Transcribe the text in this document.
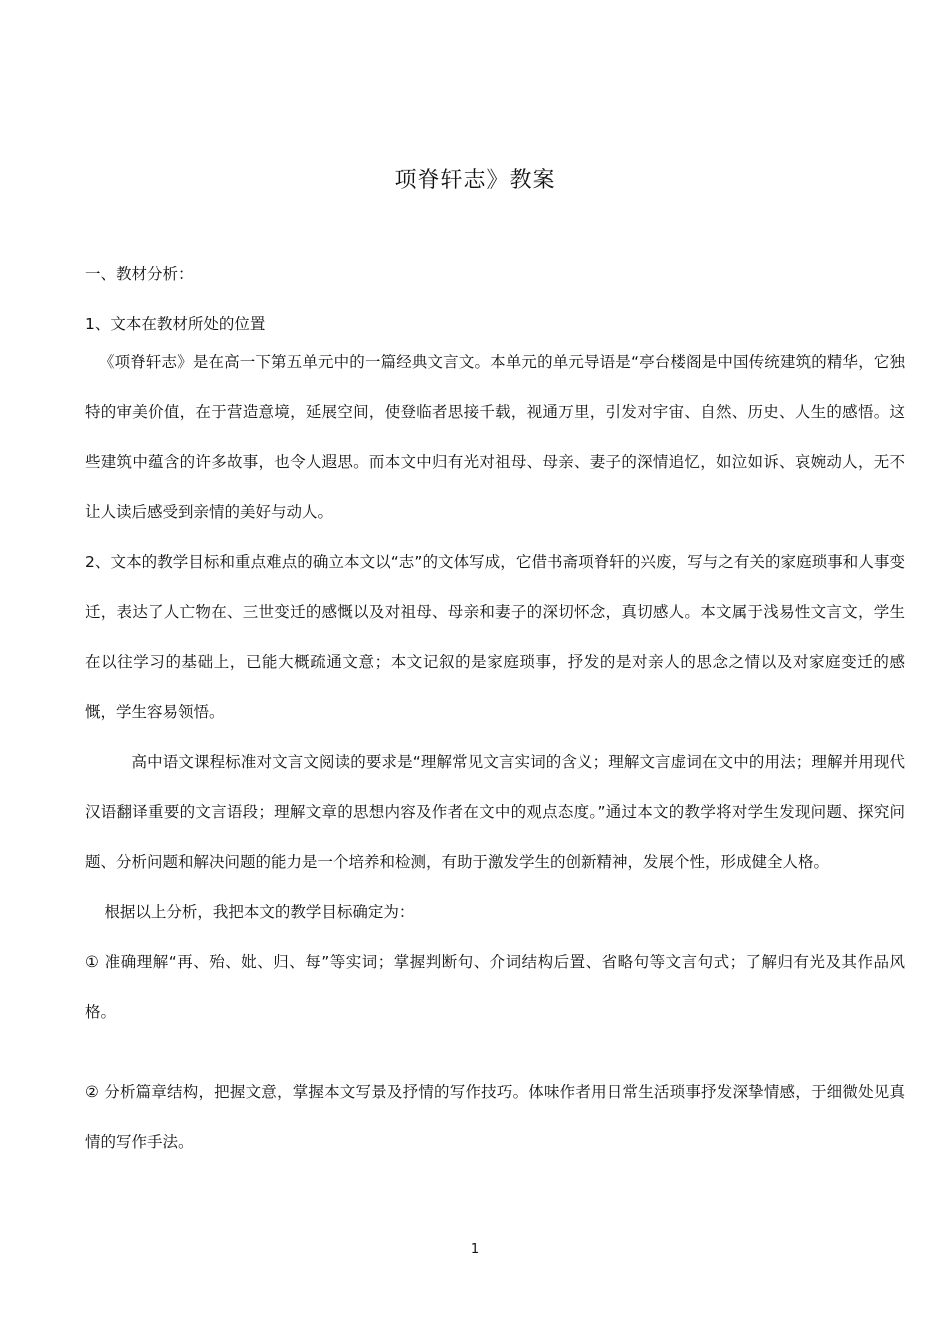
项脊轩志》教案

一、教材分析：

1、文本在教材所处的位置

《项脊轩志》是在高一下第五单元中的一篇经典文言文。本单元的单元导语是“亭台楼阁是中国传统建筑的精华，它独特的审美价值，在于营造意境，延展空间，使登临者思接千载，视通万里，引发对宇宙、自然、历史、人生的感悟。这些建筑中蕴含的许多故事，也令人遐思。而本文中归有光对祖母、母亲、妻子的深情追忆，如泣如诉、哀婉动人，无不让人读后感受到亲情的美好与动人。

2、文本的教学目标和重点难点的确立本文以“志”的文体写成，它借书斋项脊轩的兴废，写与之有关的家庭琐事和人事变迁，表达了人亡物在、三世变迁的感慨以及对祖母、母亲和妻子的深切怀念，真切感人。本文属于浅易性文言文，学生在以往学习的基础上，已能大概疏通文意；本文记叙的是家庭琐事，抒发的是对亲人的思念之情以及对家庭变迁的感慨，学生容易领悟。

高中语文课程标准对文言文阅读的要求是“理解常见文言实词的含义；理解文言虚词在文中的用法；理解并用现代汉语翻译重要的文言语段；理解文章的思想内容及作者在文中的观点态度。”通过本文的教学将对学生发现问题、探究问题、分析问题和解决问题的能力是一个培养和检测，有助于激发学生的创新精神，发展个性，形成健全人格。

根据以上分析，我把本文的教学目标确定为：

① 准确理解“再、殆、妣、归、每”等实词；掌握判断句、介词结构后置、省略句等文言句式；了解归有光及其作品风格。

② 分析篇章结构，把握文意，掌握本文写景及抒情的写作技巧。体味作者用日常生活琐事抒发深挚情感，于细微处见真情的写作手法。

1
